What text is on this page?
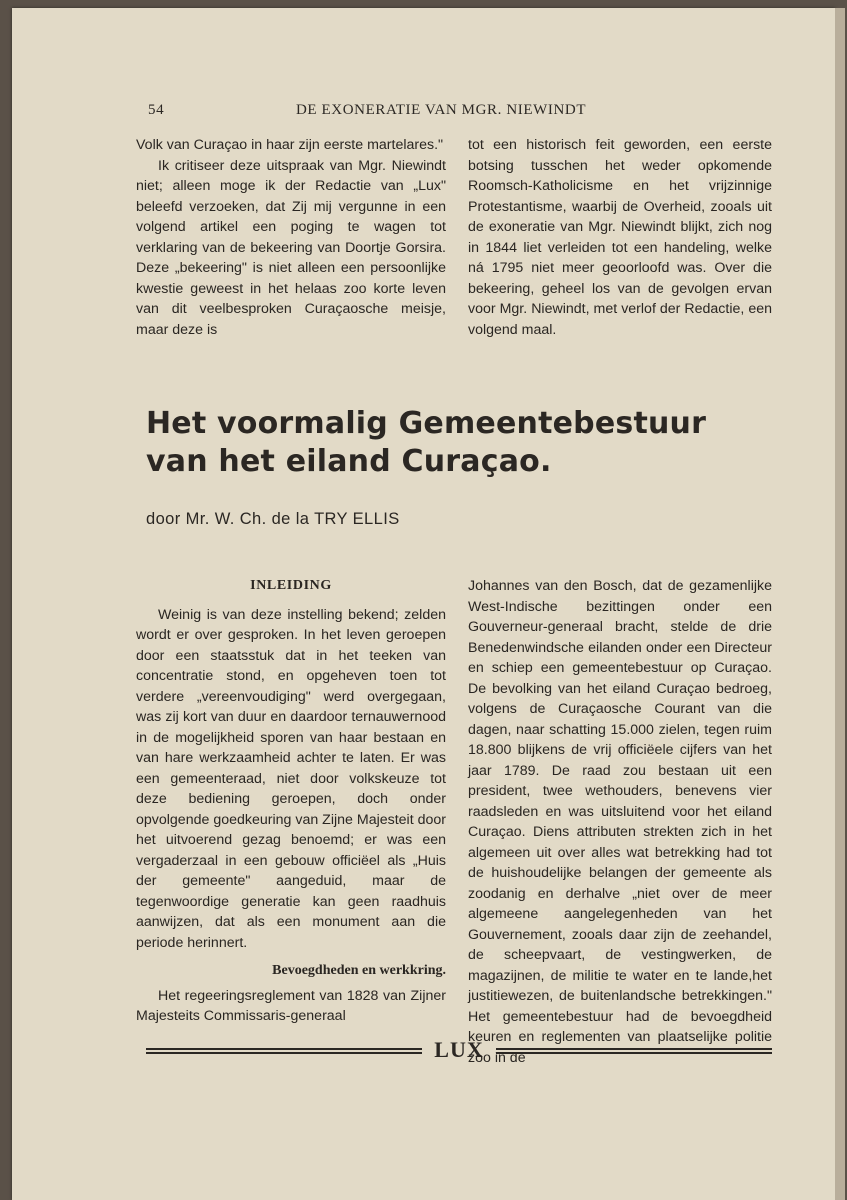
54	DE EXONERATIE VAN MGR. NIEWINDT

Volk van Curaçao in haar zijn eerste martelares."

Ik critiseer deze uitspraak van Mgr. Niewindt niet; alleen moge ik der Redactie van „Lux" beleefd verzoeken, dat Zij mij vergunne in een volgend artikel een poging te wagen tot verklaring van de bekeering van Doortje Gorsira. Deze „bekeering" is niet alleen een persoonlijke kwestie geweest in het helaas zoo korte leven van dit veelbesproken Curaçaosche meisje, maar deze is

tot een historisch feit geworden, een eerste botsing tusschen het weder opkomende Roomsch-Katholicisme en het vrijzinnige Protestantisme, waarbij de Overheid, zooals uit de exoneratie van Mgr. Niewindt blijkt, zich nog in 1844 liet verleiden tot een handeling, welke ná 1795 niet meer geoorloofd was. Over die bekeering, geheel los van de gevolgen ervan voor Mgr. Niewindt, met verlof der Redactie, een volgend maal.

Het voormalig Gemeentebestuur
van het eiland Curaçao.
door Mr. W. Ch. de la TRY ELLIS
INLEIDING

Weinig is van deze instelling bekend; zelden wordt er over gesproken. In het leven geroepen door een staatsstuk dat in het teeken van concentratie stond, en opgeheven toen tot verdere „vereenvoudiging" werd overgegaan, was zij kort van duur en daardoor ternauwernood in de mogelijkheid sporen van haar bestaan en van hare werkzaamheid achter te laten. Er was een gemeenteraad, niet door volkskeuze tot deze bediening geroepen, doch onder opvolgende goedkeuring van Zijne Majesteit door het uitvoerend gezag benoemd; er was een vergaderzaal in een gebouw officiëel als „Huis der gemeente" aangeduid, maar de tegenwoordige generatie kan geen raadhuis aanwijzen, dat als een monument aan die periode herinnert.

Bevoegdheden en werkkring.

Het regeeringsreglement van 1828 van Zijner Majesteits Commissaris-generaal

Johannes van den Bosch, dat de gezamenlijke West-Indische bezittingen onder een Gouverneur-generaal bracht, stelde de drie Benedenwindsche eilanden onder een Directeur en schiep een gemeentebestuur op Curaçao. De bevolking van het eiland Curaçao bedroeg, volgens de Curaçaosche Courant van die dagen, naar schatting 15.000 zielen, tegen ruim 18.800 blijkens de vrij officiëele cijfers van het jaar 1789. De raad zou bestaan uit een president, twee wethouders, benevens vier raadsleden en was uitsluitend voor het eiland Curaçao. Diens attributen strekten zich in het algemeen uit over alles wat betrekking had tot de huishoudelijke belangen der gemeente als zoodanig en derhalve „niet over de meer algemeene aangelegenheden van het Gouvernement, zooals daar zijn de zeehandel, de scheepvaart, de vestingwerken, de magazijnen, de militie te water en te lande,het justitiewezen, de buitenlandsche betrekkingen." Het gemeentebestuur had de bevoegdheid keuren en reglementen van plaatselijke politie zoo in de

LUX
